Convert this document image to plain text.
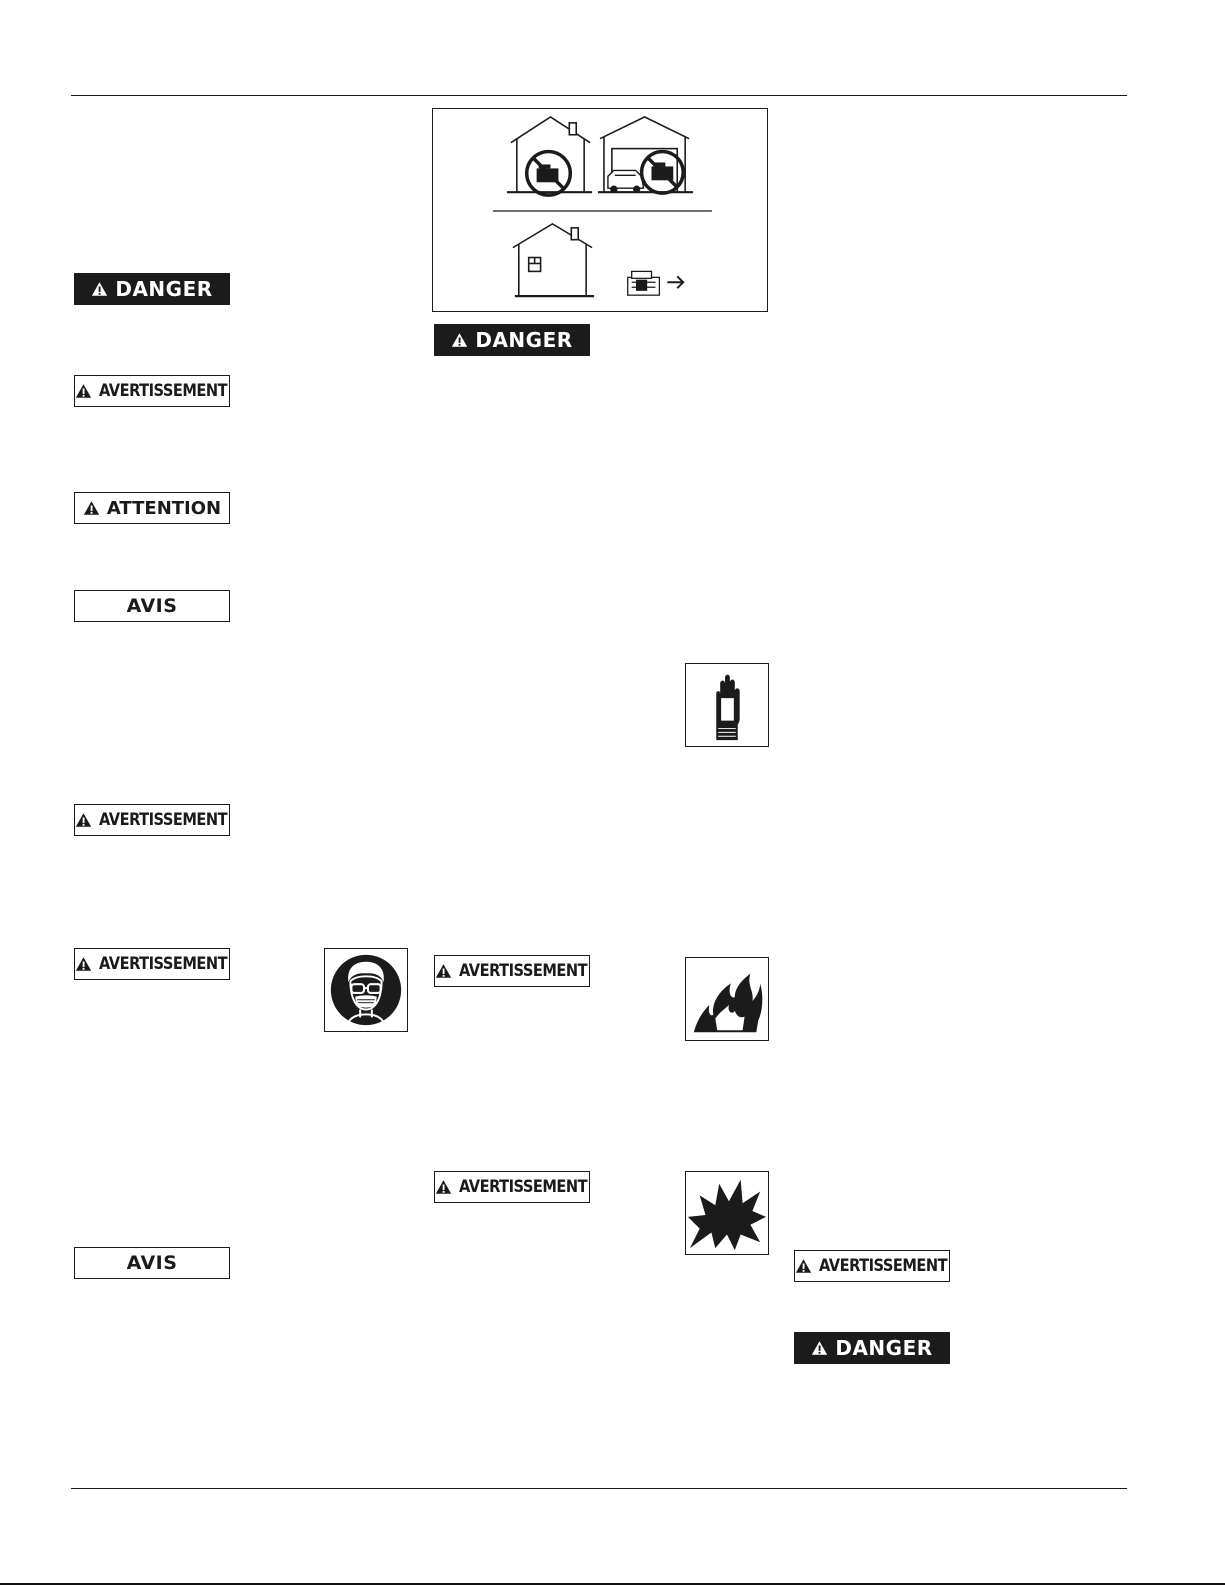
DANGER
AVERTISSEMENT
ATTENTION
AVIS
AVERTISSEMENT
AVERTISSEMENT
AVIS
DANGER
AVERTISSEMENT
AVERTISSEMENT
AVERTISSEMENT
DANGER
